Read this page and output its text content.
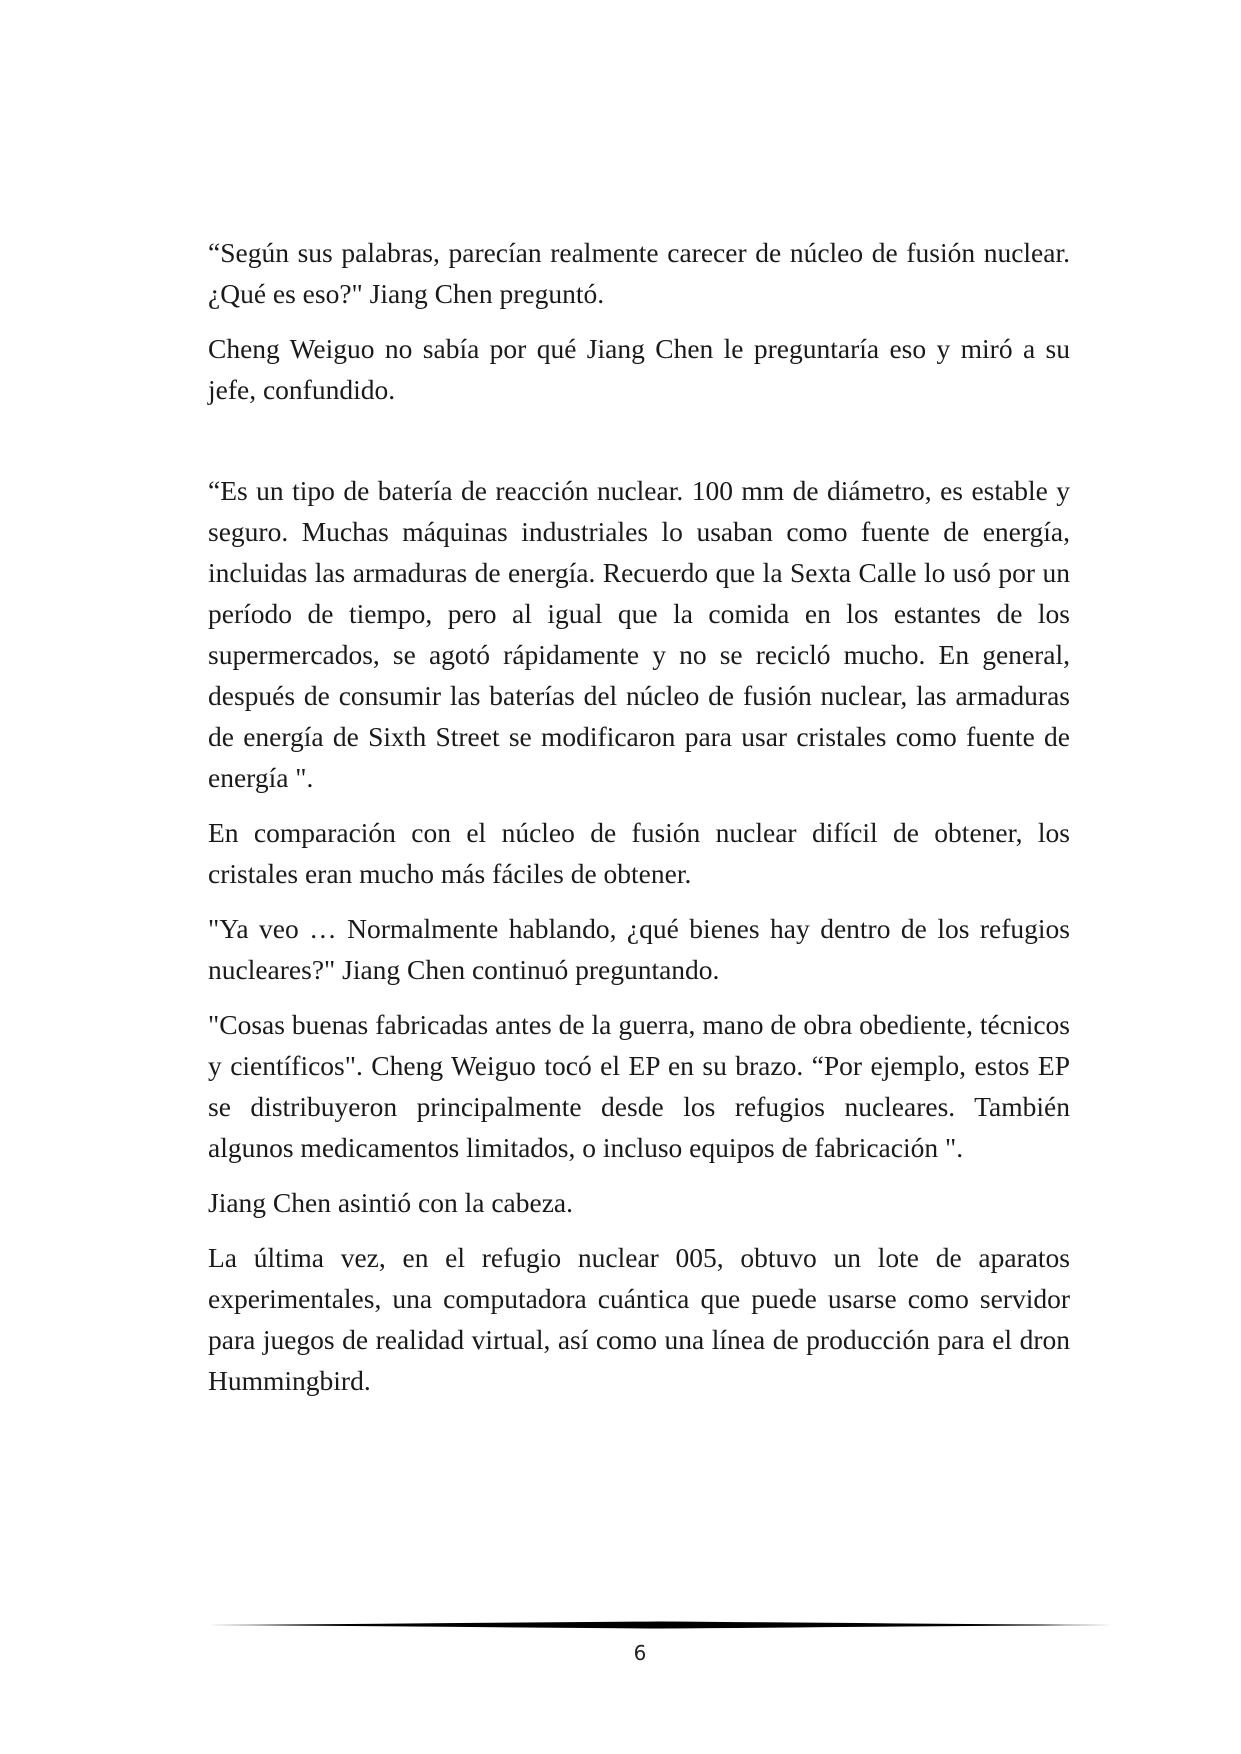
“Según sus palabras, parecían realmente carecer de núcleo de fusión nuclear. ¿Qué es eso?" Jiang Chen preguntó.

Cheng Weiguo no sabía por qué Jiang Chen le preguntaría eso y miró a su jefe, confundido.

“Es un tipo de batería de reacción nuclear. 100 mm de diámetro, es estable y seguro. Muchas máquinas industriales lo usaban como fuente de energía, incluidas las armaduras de energía. Recuerdo que la Sexta Calle lo usó por un período de tiempo, pero al igual que la comida en los estantes de los supermercados, se agotó rápidamente y no se recicló mucho. En general, después de consumir las baterías del núcleo de fusión nuclear, las armaduras de energía de Sixth Street se modificaron para usar cristales como fuente de energía ".

En comparación con el núcleo de fusión nuclear difícil de obtener, los cristales eran mucho más fáciles de obtener.

"Ya veo … Normalmente hablando, ¿qué bienes hay dentro de los refugios nucleares?" Jiang Chen continuó preguntando.

"Cosas buenas fabricadas antes de la guerra, mano de obra obediente, técnicos y científicos". Cheng Weiguo tocó el EP en su brazo. “Por ejemplo, estos EP se distribuyeron principalmente desde los refugios nucleares. También algunos medicamentos limitados, o incluso equipos de fabricación ".

Jiang Chen asintió con la cabeza.

La última vez, en el refugio nuclear 005, obtuvo un lote de aparatos experimentales, una computadora cuántica que puede usarse como servidor para juegos de realidad virtual, así como una línea de producción para el dron Hummingbird.

6
